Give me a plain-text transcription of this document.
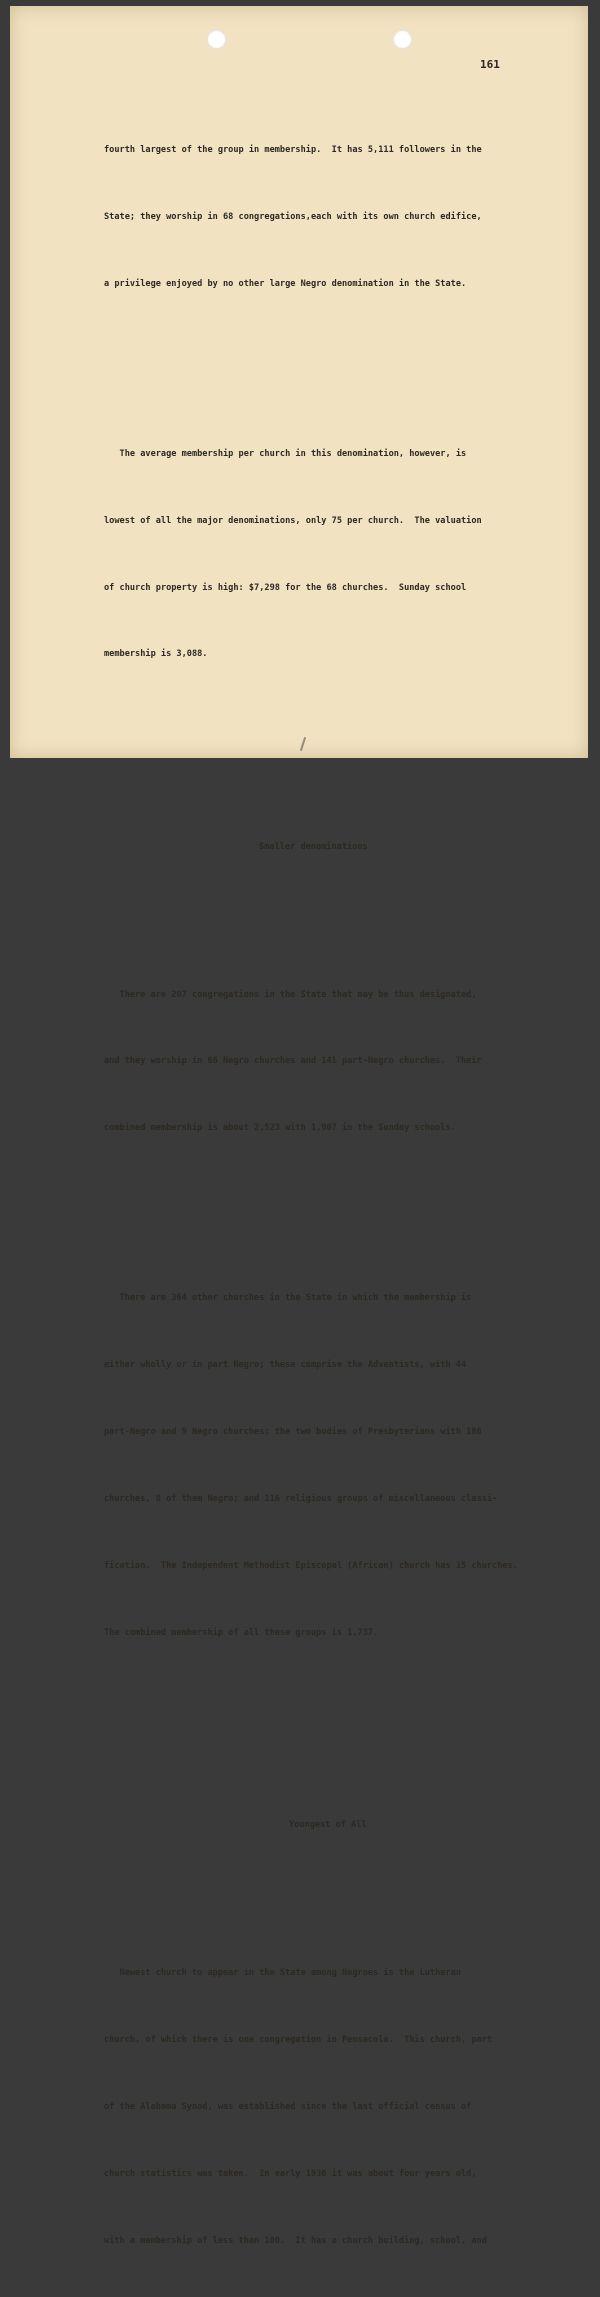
161

fourth largest of the group in membership.  It has 5,111 followers in the

State; they worship in 68 congregations,each with its own church edifice,

a privilege enjoyed by no other large Negro denomination in the State.

The average membership per church in this denomination, however, is

lowest of all the major denominations, only 75 per church.  The valuation

of church property is high: $7,298 for the 68 churches.  Sunday school

membership is 3,088.

Smaller denominations

There are 207 congregations in the State that may be thus designated,

and they worship in 66 Negro churches and 141 part-Negro churches.  Their

combined membership is about 2,523 with 1,907 in the Sunday schools.

There are 364 other churches in the State in which the membership is

either wholly or in part Negro; these comprise the Adventists, with 44

part-Negro and 9 Negro churches; the two bodies of Presbyterians with 186

churches, 8 of them Negro; and 116 religious groups of miscellaneous classi-

fication.  The Independent Methodist Episcopal (African) church has 15 churches.

The combined membership of all these groups is 1,737.

Youngest of All

Newest church to appear in the State among Negroes is the Lutheran

church, of which there is one congregation in Pensacola.  This church, part

of the Alabama Synod, was established since the last official census of

church statistics was taken.  In early 1936 it was about four years old,

with a membership of less than 100.  It has a church building, school, and
